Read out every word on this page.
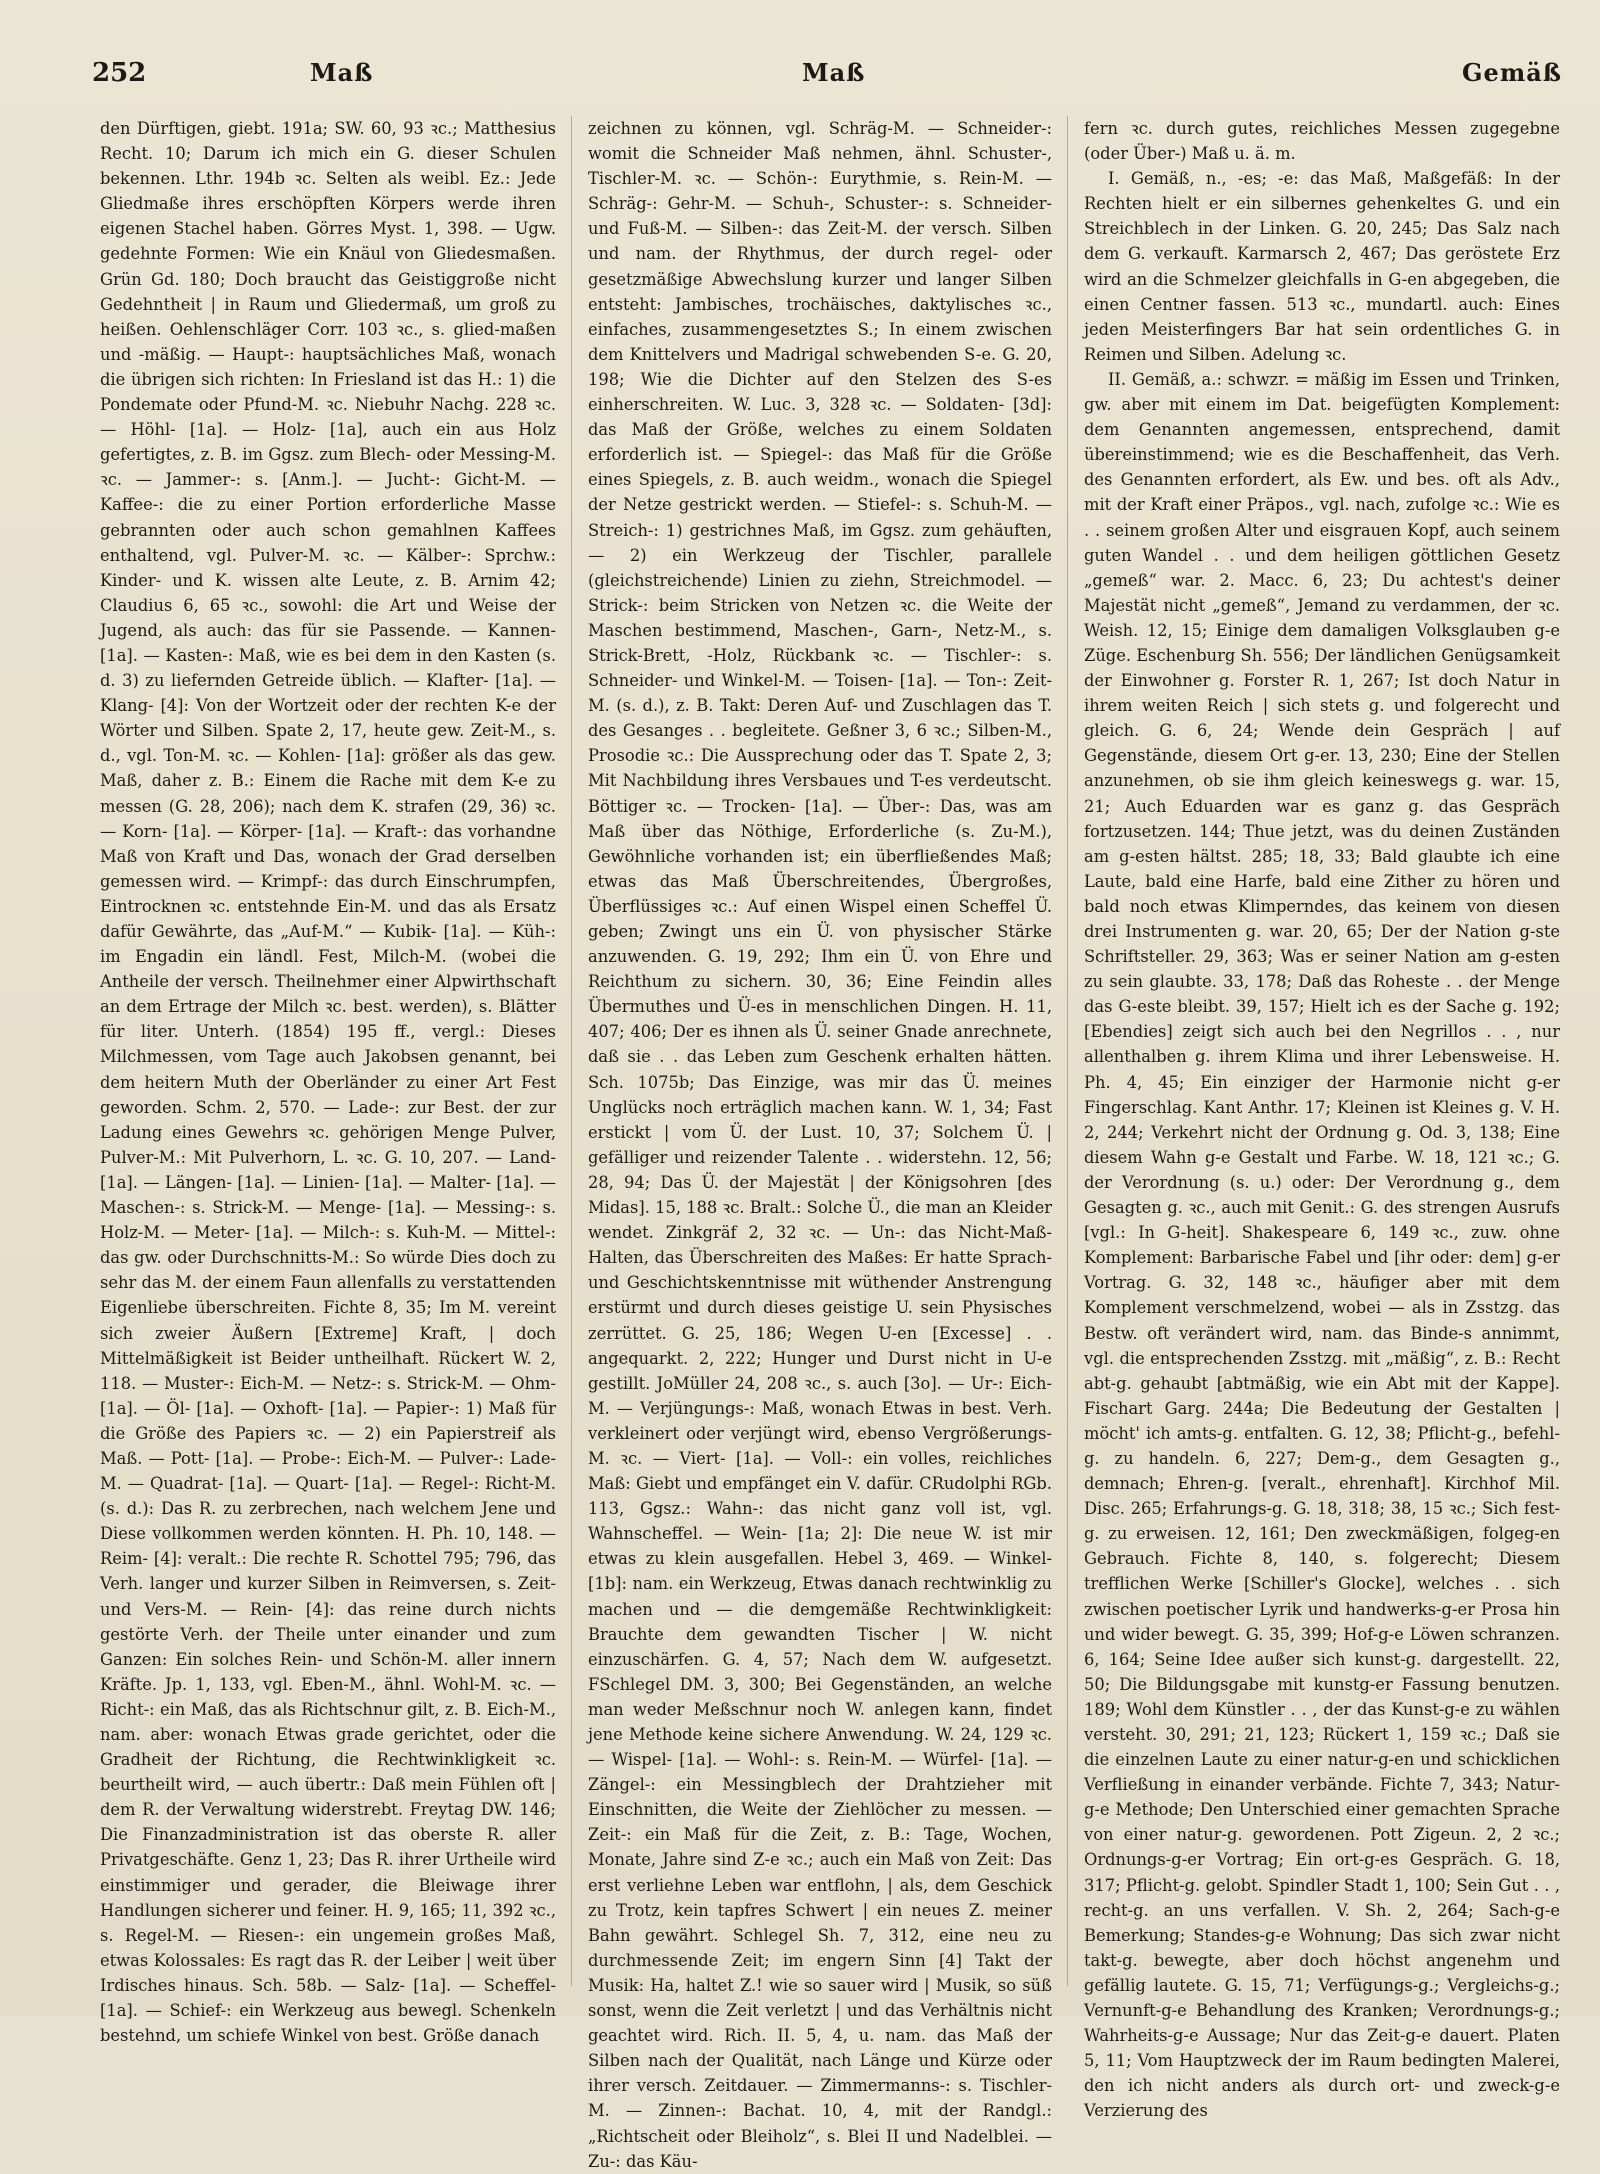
252	Maß	Maß	Gemäß

den Dürftigen, giebt. 191a; SW. 60, 93 ꝛc.; Matthesius Recht. 10; Darum ich mich ein G. dieser Schulen bekennen. Lthr. 194b ꝛc. Selten als weibl. Ez.: Jede Gliedmaße ihres erschöpften Körpers werde ihren eigenen Stachel haben. Görres Myst. 1, 398. — Ugw. gedehnte Formen: Wie ein Knäul von Gliedesmaßen. Grün Gd. 180; Doch braucht das Geistiggroße nicht Gedehntheit | in Raum und Gliedermaß, um groß zu heißen. Oehlenschläger Corr. 103 ꝛc., s. glied-maßen und -mäßig. — Haupt-: hauptsächliches Maß, wonach die übrigen sich richten: In Friesland ist das H.: 1) die Pondemate oder Pfund-M. ꝛc. Niebuhr Nachg. 228 ꝛc. — Höhl- [1a]. — Holz- [1a], auch ein aus Holz gefertigtes, z. B. im Ggsz. zum Blech- oder Messing-M. ꝛc. — Jammer-: s. [Anm.]. — Jucht-: Gicht-M. — Kaffee-: die zu einer Portion erforderliche Masse gebrannten oder auch schon gemahlnen Kaffees enthaltend, vgl. Pulver-M. ꝛc. — Kälber-: Sprchw.: Kinder- und K. wissen alte Leute, z. B. Arnim 42; Claudius 6, 65 ꝛc., sowohl: die Art und Weise der Jugend, als auch: das für sie Passende. — Kannen- [1a]. — Kasten-: Maß, wie es bei dem in den Kasten (s. d. 3) zu liefernden Getreide üblich. — Klafter- [1a]. — Klang- [4]: Von der Wortzeit oder der rechten K-e der Wörter und Silben. Spate 2, 17, heute gew. Zeit-M., s. d., vgl. Ton-M. ꝛc. — Kohlen- [1a]: größer als das gew. Maß, daher z. B.: Einem die Rache mit dem K-e zu messen (G. 28, 206); nach dem K. strafen (29, 36) ꝛc. — Korn- [1a]. — Körper- [1a]. — Kraft-: das vorhandne Maß von Kraft und Das, wonach der Grad derselben gemessen wird. — Krimpf-: das durch Einschrumpfen, Eintrocknen ꝛc. entstehnde Ein-M. und das als Ersatz dafür Gewährte, das „Auf-M.“ — Kubik- [1a]. — Küh-: im Engadin ein ländl. Fest, Milch-M. (wobei die Antheile der versch. Theilnehmer einer Alpwirthschaft an dem Ertrage der Milch ꝛc. best. werden), s. Blätter für liter. Unterh. (1854) 195 ff., vergl.: Dieses Milchmessen, vom Tage auch Jakobsen genannt, bei dem heitern Muth der Oberländer zu einer Art Fest geworden. Schm. 2, 570. — Lade-: zur Best. der zur Ladung eines Gewehrs ꝛc. gehörigen Menge Pulver, Pulver-M.: Mit Pulverhorn, L. ꝛc. G. 10, 207. — Land- [1a]. — Längen- [1a]. — Linien- [1a]. — Malter- [1a]. — Maschen-: s. Strick-M. — Menge- [1a]. — Messing-: s. Holz-M. — Meter- [1a]. — Milch-: s. Kuh-M. — Mittel-: das gw. oder Durchschnitts-M.: So würde Dies doch zu sehr das M. der einem Faun allenfalls zu verstattenden Eigenliebe überschreiten. Fichte 8, 35; Im M. vereint sich zweier Äußern [Extreme] Kraft, | doch Mittelmäßigkeit ist Beider untheilhaft. Rückert W. 2, 118. — Muster-: Eich-M. — Netz-: s. Strick-M. — Ohm- [1a]. — Öl- [1a]. — Oxhoft- [1a]. — Papier-: 1) Maß für die Größe des Papiers ꝛc. — 2) ein Papierstreif als Maß. — Pott- [1a]. — Probe-: Eich-M. — Pulver-: Lade-M. — Quadrat- [1a]. — Quart- [1a]. — Regel-: Richt-M. (s. d.): Das R. zu zerbrechen, nach welchem Jene und Diese vollkommen werden könnten. H. Ph. 10, 148. — Reim- [4]: veralt.: Die rechte R. Schottel 795; 796, das Verh. langer und kurzer Silben in Reimversen, s. Zeit- und Vers-M. — Rein- [4]: das reine durch nichts gestörte Verh. der Theile unter einander und zum Ganzen: Ein solches Rein- und Schön-M. aller innern Kräfte. Jp. 1, 133, vgl. Eben-M., ähnl. Wohl-M. ꝛc. — Richt-: ein Maß, das als Richtschnur gilt, z. B. Eich-M., nam. aber: wonach Etwas grade gerichtet, oder die Gradheit der Richtung, die Rechtwinkligkeit ꝛc. beurtheilt wird, — auch übertr.: Daß mein Fühlen oft | dem R. der Verwaltung widerstrebt. Freytag DW. 146; Die Finanzadministration ist das oberste R. aller Privatgeschäfte. Genz 1, 23; Das R. ihrer Urtheile wird einstimmiger und gerader, die Bleiwage ihrer Handlungen sicherer und feiner. H. 9, 165; 11, 392 ꝛc., s. Regel-M. — Riesen-: ein ungemein großes Maß, etwas Kolossales: Es ragt das R. der Leiber | weit über Irdisches hinaus. Sch. 58b. — Salz- [1a]. — Scheffel- [1a]. — Schief-: ein Werkzeug aus bewegl. Schenkeln bestehnd, um schiefe Winkel von best. Größe danach

zeichnen zu können, vgl. Schräg-M. — Schneider-: womit die Schneider Maß nehmen, ähnl. Schuster-, Tischler-M. ꝛc. — Schön-: Eurythmie, s. Rein-M. — Schräg-: Gehr-M. — Schuh-, Schuster-: s. Schneider- und Fuß-M. — Silben-: das Zeit-M. der versch. Silben und nam. der Rhythmus, der durch regel- oder gesetzmäßige Abwechslung kurzer und langer Silben entsteht: Jambisches, trochäisches, daktylisches ꝛc., einfaches, zusammengesetztes S.; In einem zwischen dem Knittelvers und Madrigal schwebenden S-e. G. 20, 198; Wie die Dichter auf den Stelzen des S-es einherschreiten. W. Luc. 3, 328 ꝛc. — Soldaten- [3d]: das Maß der Größe, welches zu einem Soldaten erforderlich ist. — Spiegel-: das Maß für die Größe eines Spiegels, z. B. auch weidm., wonach die Spiegel der Netze gestrickt werden. — Stiefel-: s. Schuh-M. — Streich-: 1) gestrichnes Maß, im Ggsz. zum gehäuften, — 2) ein Werkzeug der Tischler, parallele (gleichstreichende) Linien zu ziehn, Streichmodel. — Strick-: beim Stricken von Netzen ꝛc. die Weite der Maschen bestimmend, Maschen-, Garn-, Netz-M., s. Strick-Brett, -Holz, Rückbank ꝛc. — Tischler-: s. Schneider- und Winkel-M. — Toisen- [1a]. — Ton-: Zeit-M. (s. d.), z. B. Takt: Deren Auf- und Zuschlagen das T. des Gesanges . . begleitete. Geßner 3, 6 ꝛc.; Silben-M., Prosodie ꝛc.: Die Aussprechung oder das T. Spate 2, 3; Mit Nachbildung ihres Versbaues und T-es verdeutscht. Böttiger ꝛc. — Trocken- [1a]. — Über-: Das, was am Maß über das Nöthige, Erforderliche (s. Zu-M.), Gewöhnliche vorhanden ist; ein überfließendes Maß; etwas das Maß Überschreitendes, Übergroßes, Überflüssiges ꝛc.: Auf einen Wispel einen Scheffel Ü. geben; Zwingt uns ein Ü. von physischer Stärke anzuwenden. G. 19, 292; Ihm ein Ü. von Ehre und Reichthum zu sichern. 30, 36; Eine Feindin alles Übermuthes und Ü-es in menschlichen Dingen. H. 11, 407; 406; Der es ihnen als Ü. seiner Gnade anrechnete, daß sie . . das Leben zum Geschenk erhalten hätten. Sch. 1075b; Das Einzige, was mir das Ü. meines Unglücks noch erträglich machen kann. W. 1, 34; Fast erstickt | vom Ü. der Lust. 10, 37; Solchem Ü. | gefälliger und reizender Talente . . widerstehn. 12, 56; 28, 94; Das Ü. der Majestät | der Königsohren [des Midas]. 15, 188 ꝛc. Bralt.: Solche Ü., die man an Kleider wendet. Zinkgräf 2, 32 ꝛc. — Un-: das Nicht-Maß-Halten, das Überschreiten des Maßes: Er hatte Sprach- und Geschichtskenntnisse mit wüthender Anstrengung erstürmt und durch dieses geistige U. sein Physisches zerrüttet. G. 25, 186; Wegen U-en [Excesse] . . angequarkt. 2, 222; Hunger und Durst nicht in U-e gestillt. JoMüller 24, 208 ꝛc., s. auch [3o]. — Ur-: Eich-M. — Verjüngungs-: Maß, wonach Etwas in best. Verh. verkleinert oder verjüngt wird, ebenso Vergrößerungs-M. ꝛc. — Viert- [1a]. — Voll-: ein volles, reichliches Maß: Giebt und empfänget ein V. dafür. CRudolphi RGb. 113, Ggsz.: Wahn-: das nicht ganz voll ist, vgl. Wahnscheffel. — Wein- [1a; 2]: Die neue W. ist mir etwas zu klein ausgefallen. Hebel 3, 469. — Winkel- [1b]: nam. ein Werkzeug, Etwas danach rechtwinklig zu machen und — die demgemäße Rechtwinkligkeit: Brauchte dem gewandten Tischer | W. nicht einzuschärfen. G. 4, 57; Nach dem W. aufgesetzt. FSchlegel DM. 3, 300; Bei Gegenständen, an welche man weder Meßschnur noch W. anlegen kann, findet jene Methode keine sichere Anwendung. W. 24, 129 ꝛc. — Wispel- [1a]. — Wohl-: s. Rein-M. — Würfel- [1a]. — Zängel-: ein Messingblech der Drahtzieher mit Einschnitten, die Weite der Ziehlöcher zu messen. — Zeit-: ein Maß für die Zeit, z. B.: Tage, Wochen, Monate, Jahre sind Z-e ꝛc.; auch ein Maß von Zeit: Das erst verliehne Leben war entflohn, | als, dem Geschick zu Trotz, kein tapfres Schwert | ein neues Z. meiner Bahn gewährt. Schlegel Sh. 7, 312, eine neu zu durchmessende Zeit; im engern Sinn [4] Takt der Musik: Ha, haltet Z.! wie so sauer wird | Musik, so süß sonst, wenn die Zeit verletzt | und das Verhältnis nicht geachtet wird. Rich. II. 5, 4, u. nam. das Maß der Silben nach der Qualität, nach Länge und Kürze oder ihrer versch. Zeitdauer. — Zimmermanns-: s. Tischler-M. — Zinnen-: Bachat. 10, 4, mit der Randgl.: „Richtscheit oder Bleiholz“, s. Blei II und Nadelblei. — Zu-: das Käu-

fern ꝛc. durch gutes, reichliches Messen zugegebne (oder Über-) Maß u. ä. m.

I. Gemäß, n., -es; -e: das Maß, Maßgefäß: In der Rechten hielt er ein silbernes gehenkeltes G. und ein Streichblech in der Linken. G. 20, 245; Das Salz nach dem G. verkauft. Karmarsch 2, 467; Das geröstete Erz wird an die Schmelzer gleichfalls in G-en abgegeben, die einen Centner fassen. 513 ꝛc., mundartl. auch: Eines jeden Meisterfingers Bar hat sein ordentliches G. in Reimen und Silben. Adelung ꝛc.

II. Gemäß, a.: schwzr. = mäßig im Essen und Trinken, gw. aber mit einem im Dat. beigefügten Komplement: dem Genannten angemessen, entsprechend, damit übereinstimmend; wie es die Beschaffenheit, das Verh. des Genannten erfordert, als Ew. und bes. oft als Adv., mit der Kraft einer Präpos., vgl. nach, zufolge ꝛc.: Wie es . . seinem großen Alter und eisgrauen Kopf, auch seinem guten Wandel . . und dem heiligen göttlichen Gesetz „gemeß“ war. 2. Macc. 6, 23; Du achtest's deiner Majestät nicht „gemeß“, Jemand zu verdammen, der ꝛc. Weish. 12, 15; Einige dem damaligen Volksglauben g-e Züge. Eschenburg Sh. 556; Der ländlichen Genügsamkeit der Einwohner g. Forster R. 1, 267; Ist doch Natur in ihrem weiten Reich | sich stets g. und folgerecht und gleich. G. 6, 24; Wende dein Gespräch | auf Gegenstände, diesem Ort g-er. 13, 230; Eine der Stellen anzunehmen, ob sie ihm gleich keineswegs g. war. 15, 21; Auch Eduarden war es ganz g. das Gespräch fortzusetzen. 144; Thue jetzt, was du deinen Zuständen am g-esten hältst. 285; 18, 33; Bald glaubte ich eine Laute, bald eine Harfe, bald eine Zither zu hören und bald noch etwas Klimperndes, das keinem von diesen drei Instrumenten g. war. 20, 65; Der der Nation g-ste Schriftsteller. 29, 363; Was er seiner Nation am g-esten zu sein glaubte. 33, 178; Daß das Roheste . . der Menge das G-este bleibt. 39, 157; Hielt ich es der Sache g. 192; [Ebendies] zeigt sich auch bei den Negrillos . . , nur allenthalben g. ihrem Klima und ihrer Lebensweise. H. Ph. 4, 45; Ein einziger der Harmonie nicht g-er Fingerschlag. Kant Anthr. 17; Kleinen ist Kleines g. V. H. 2, 244; Verkehrt nicht der Ordnung g. Od. 3, 138; Eine diesem Wahn g-e Gestalt und Farbe. W. 18, 121 ꝛc.; G. der Verordnung (s. u.) oder: Der Verordnung g., dem Gesagten g. ꝛc., auch mit Genit.: G. des strengen Ausrufs [vgl.: In G-heit]. Shakespeare 6, 149 ꝛc., zuw. ohne Komplement: Barbarische Fabel und [ihr oder: dem] g-er Vortrag. G. 32, 148 ꝛc., häufiger aber mit dem Komplement verschmelzend, wobei — als in Zsstzg. das Bestw. oft verändert wird, nam. das Binde-s annimmt, vgl. die entsprechenden Zsstzg. mit „mäßig“, z. B.: Recht abt-g. gehaubt [abtmäßig, wie ein Abt mit der Kappe]. Fischart Garg. 244a; Die Bedeutung der Gestalten | möcht' ich amts-g. entfalten. G. 12, 38; Pflicht-g., befehl-g. zu handeln. 6, 227; Dem-g., dem Gesagten g., demnach; Ehren-g. [veralt., ehrenhaft]. Kirchhof Mil. Disc. 265; Erfahrungs-g. G. 18, 318; 38, 15 ꝛc.; Sich fest-g. zu erweisen. 12, 161; Den zweckmäßigen, folgeg-en Gebrauch. Fichte 8, 140, s. folgerecht; Diesem trefflichen Werke [Schiller's Glocke], welches . . sich zwischen poetischer Lyrik und handwerks-g-er Prosa hin und wider bewegt. G. 35, 399; Hof-g-e Löwen schranzen. 6, 164; Seine Idee außer sich kunst-g. dargestellt. 22, 50; Die Bildungsgabe mit kunstg-er Fassung benutzen. 189; Wohl dem Künstler . . , der das Kunst-g-e zu wählen versteht. 30, 291; 21, 123; Rückert 1, 159 ꝛc.; Daß sie die einzelnen Laute zu einer natur-g-en und schicklichen Verfließung in einander verbände. Fichte 7, 343; Natur-g-e Methode; Den Unterschied einer gemachten Sprache von einer natur-g. gewordenen. Pott Zigeun. 2, 2 ꝛc.; Ordnungs-g-er Vortrag; Ein ort-g-es Gespräch. G. 18, 317; Pflicht-g. gelobt. Spindler Stadt 1, 100; Sein Gut . . , recht-g. an uns verfallen. V. Sh. 2, 264; Sach-g-e Bemerkung; Standes-g-e Wohnung; Das sich zwar nicht takt-g. bewegte, aber doch höchst angenehm und gefällig lautete. G. 15, 71; Verfügungs-g.; Vergleichs-g.; Vernunft-g-e Behandlung des Kranken; Verordnungs-g.; Wahrheits-g-e Aussage; Nur das Zeit-g-e dauert. Platen 5, 11; Vom Hauptzweck der im Raum bedingten Malerei, den ich nicht anders als durch ort- und zweck-g-e Verzierung des
